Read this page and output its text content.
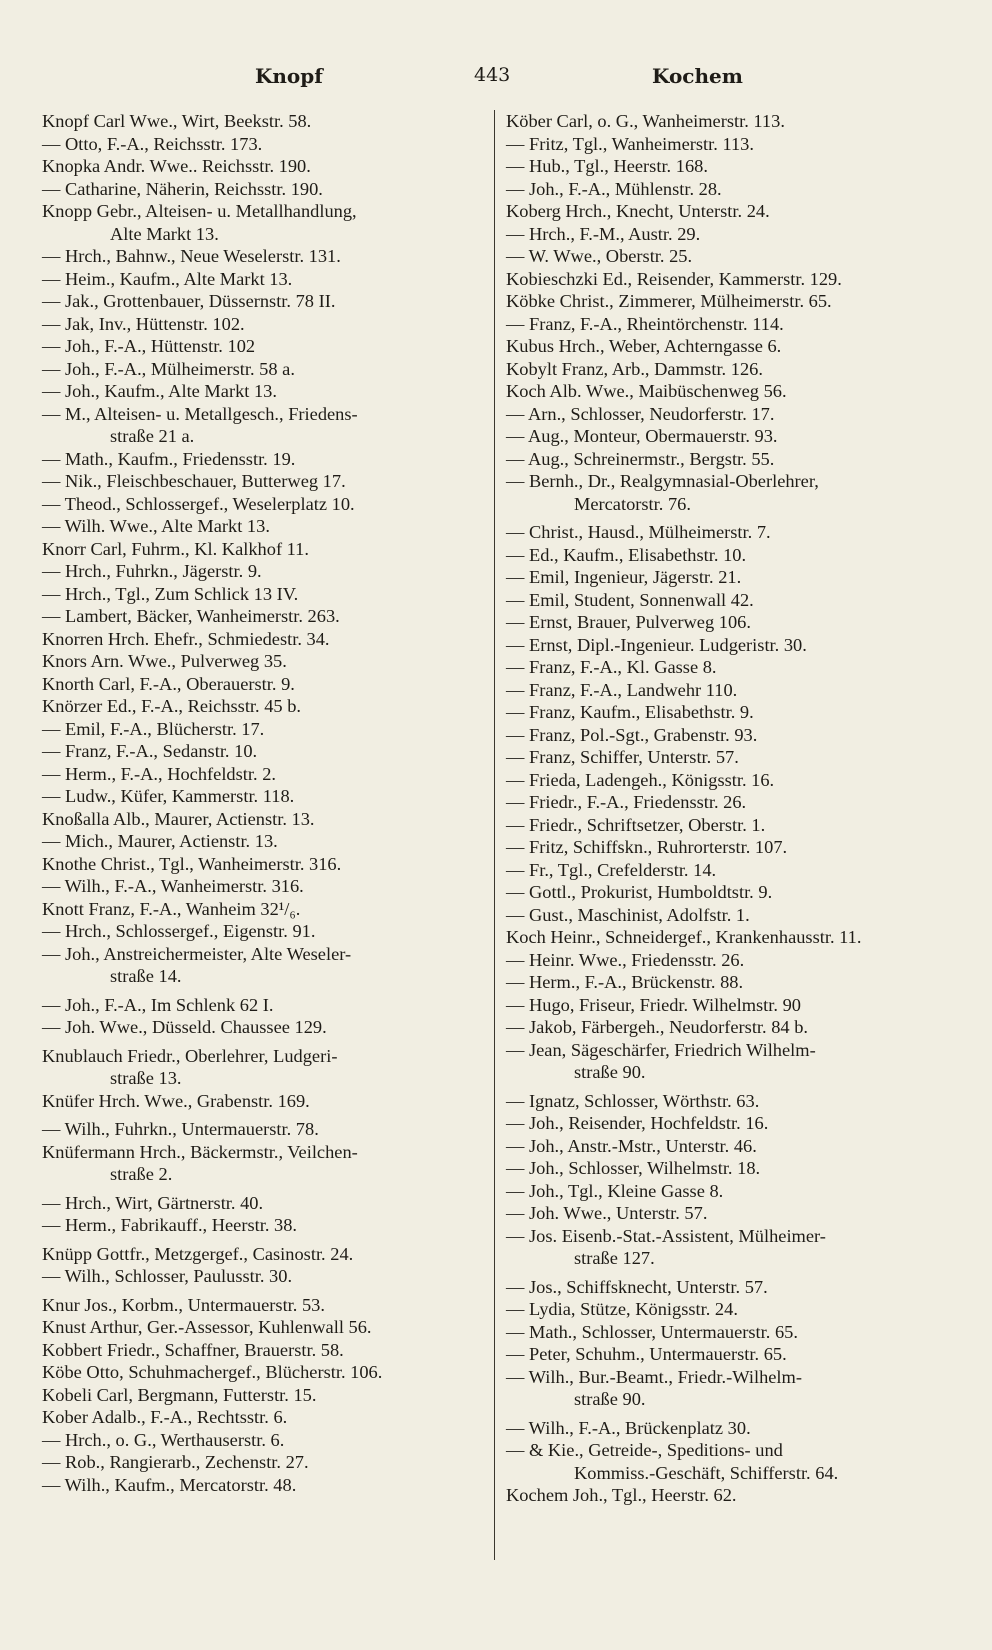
Knopf	443	Kochem

Knopf Carl Wwe., Wirt, Beekstr. 58.

— Otto, F.-A., Reichsstr. 173.

Knopka Andr. Wwe.. Reichsstr. 190.

— Catharine, Näherin, Reichsstr. 190.

Knopp Gebr., Alteisen- u. Metallhandlung,

Alte Markt 13.

— Hrch., Bahnw., Neue Weselerstr. 131.

— Heim., Kaufm., Alte Markt 13.

— Jak., Grottenbauer, Düssernstr. 78 II.

— Jak, Inv., Hüttenstr. 102.

— Joh., F.-A., Hüttenstr. 102

— Joh., F.-A., Mülheimerstr. 58 a.

— Joh., Kaufm., Alte Markt 13.

— M., Alteisen- u. Metallgesch., Friedens-

straße 21 a.

— Math., Kaufm., Friedensstr. 19.

— Nik., Fleischbeschauer, Butterweg 17.

— Theod., Schlossergef., Weselerplatz 10.

— Wilh. Wwe., Alte Markt 13.

Knorr Carl, Fuhrm., Kl. Kalkhof 11.

— Hrch., Fuhrkn., Jägerstr. 9.

— Hrch., Tgl., Zum Schlick 13 IV.

— Lambert, Bäcker, Wanheimerstr. 263.

Knorren Hrch. Ehefr., Schmiedestr. 34.

Knors Arn. Wwe., Pulverweg 35.

Knorth Carl, F.-A., Oberauerstr. 9.

Knörzer Ed., F.-A., Reichsstr. 45 b.

— Emil, F.-A., Blücherstr. 17.

— Franz, F.-A., Sedanstr. 10.

— Herm., F.-A., Hochfeldstr. 2.

— Ludw., Küfer, Kammerstr. 118.

Knoßalla Alb., Maurer, Actienstr. 13.

— Mich., Maurer, Actienstr. 13.

Knothe Christ., Tgl., Wanheimerstr. 316.

— Wilh., F.-A., Wanheimerstr. 316.

Knott Franz, F.-A., Wanheim 32¹/₆.

— Hrch., Schlossergef., Eigenstr. 91.

— Joh., Anstreichermeister, Alte Weseler-

straße 14.

— Joh., F.-A., Im Schlenk 62 I.

— Joh. Wwe., Düsseld. Chaussee 129.

Knublauch Friedr., Oberlehrer, Ludgeri-

straße 13.

Knüfer Hrch. Wwe., Grabenstr. 169.

— Wilh., Fuhrkn., Untermauerstr. 78.

Knüfermann Hrch., Bäckermstr., Veilchen-

straße 2.

— Hrch., Wirt, Gärtnerstr. 40.

— Herm., Fabrikauff., Heerstr. 38.

Knüpp Gottfr., Metzgergef., Casinostr. 24.

— Wilh., Schlosser, Paulusstr. 30.

Knur Jos., Korbm., Untermauerstr. 53.

Knust Arthur, Ger.-Assessor, Kuhlenwall 56.

Kobbert Friedr., Schaffner, Brauerstr. 58.

Köbe Otto, Schuhmachergef., Blücherstr. 106.

Kobeli Carl, Bergmann, Futterstr. 15.

Kober Adalb., F.-A., Rechtsstr. 6.

— Hrch., o. G., Werthauserstr. 6.

— Rob., Rangierarb., Zechenstr. 27.

— Wilh., Kaufm., Mercatorstr. 48.

Köber Carl, o. G., Wanheimerstr. 113.

— Fritz, Tgl., Wanheimerstr. 113.

— Hub., Tgl., Heerstr. 168.

— Joh., F.-A., Mühlenstr. 28.

Koberg Hrch., Knecht, Unterstr. 24.

— Hrch., F.-M., Austr. 29.

— W. Wwe., Oberstr. 25.

Kobieschzki Ed., Reisender, Kammerstr. 129.

Köbke Christ., Zimmerer, Mülheimerstr. 65.

— Franz, F.-A., Rheintörchenstr. 114.

Kubus Hrch., Weber, Achterngasse 6.

Kobylt Franz, Arb., Dammstr. 126.

Koch Alb. Wwe., Maibüschenweg 56.

— Arn., Schlosser, Neudorferstr. 17.

— Aug., Monteur, Obermauerstr. 93.

— Aug., Schreinermstr., Bergstr. 55.

— Bernh., Dr., Realgymnasial-Oberlehrer,

Mercatorstr. 76.

— Christ., Hausd., Mülheimerstr. 7.

— Ed., Kaufm., Elisabethstr. 10.

— Emil, Ingenieur, Jägerstr. 21.

— Emil, Student, Sonnenwall 42.

— Ernst, Brauer, Pulverweg 106.

— Ernst, Dipl.-Ingenieur. Ludgeristr. 30.

— Franz, F.-A., Kl. Gasse 8.

— Franz, F.-A., Landwehr 110.

— Franz, Kaufm., Elisabethstr. 9.

— Franz, Pol.-Sgt., Grabenstr. 93.

— Franz, Schiffer, Unterstr. 57.

— Frieda, Ladengeh., Königsstr. 16.

— Friedr., F.-A., Friedensstr. 26.

— Friedr., Schriftsetzer, Oberstr. 1.

— Fritz, Schiffskn., Ruhrorterstr. 107.

— Fr., Tgl., Crefelderstr. 14.

— Gottl., Prokurist, Humboldtstr. 9.

— Gust., Maschinist, Adolfstr. 1.

Koch Heinr., Schneidergef., Krankenhausstr. 11.

— Heinr. Wwe., Friedensstr. 26.

— Herm., F.-A., Brückenstr. 88.

— Hugo, Friseur, Friedr. Wilhelmstr. 90

— Jakob, Färbergeh., Neudorferstr. 84 b.

— Jean, Sägeschärfer, Friedrich Wilhelm-

straße 90.

— Ignatz, Schlosser, Wörthstr. 63.

— Joh., Reisender, Hochfeldstr. 16.

— Joh., Anstr.-Mstr., Unterstr. 46.

— Joh., Schlosser, Wilhelmstr. 18.

— Joh., Tgl., Kleine Gasse 8.

— Joh. Wwe., Unterstr. 57.

— Jos. Eisenb.-Stat.-Assistent, Mülheimer-

straße 127.

— Jos., Schiffsknecht, Unterstr. 57.

— Lydia, Stütze, Königsstr. 24.

— Math., Schlosser, Untermauerstr. 65.

— Peter, Schuhm., Untermauerstr. 65.

— Wilh., Bur.-Beamt., Friedr.-Wilhelm-

straße 90.

— Wilh., F.-A., Brückenplatz 30.

— & Kie., Getreide-, Speditions- und

Kommiss.-Geschäft, Schifferstr. 64.

Kochem Joh., Tgl., Heerstr. 62.
